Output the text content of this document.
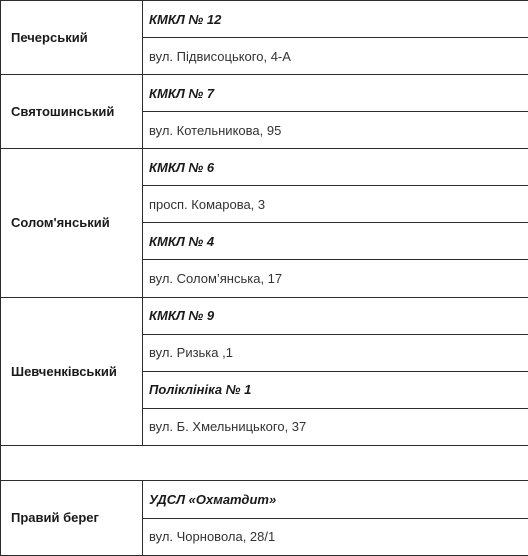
Печерський	КМКЛ № 12
	вул. Підвисоцького, 4-А
Святошинський	КМКЛ № 7
	вул. Котельникова, 95
Солом'янський	КМКЛ № 6
	просп. Комарова, 3
	КМКЛ № 4
	вул. Солом’янська, 17
Шевченківський	КМКЛ № 9
	вул. Ризька ,1
	Поліклініка № 1
	вул. Б. Хмельницького, 37

Правий берег	УДСЛ «Охматдит»
	вул. Чорновола, 28/1
